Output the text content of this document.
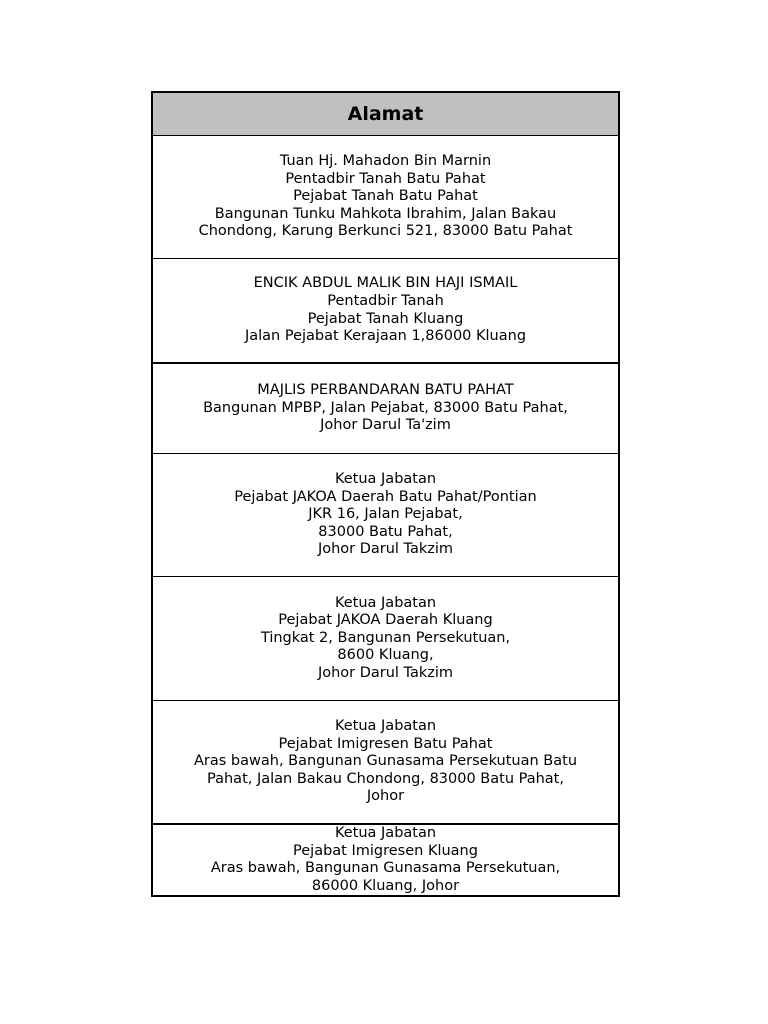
Alamat
Tuan Hj. Mahadon Bin Marnin
Pentadbir Tanah Batu Pahat
Pejabat Tanah Batu Pahat
Bangunan Tunku Mahkota Ibrahim, Jalan Bakau
Chondong, Karung Berkunci 521, 83000 Batu Pahat
ENCIK ABDUL MALIK BIN HAJI ISMAIL
Pentadbir Tanah
Pejabat Tanah Kluang
Jalan Pejabat Kerajaan 1,86000 Kluang
MAJLIS PERBANDARAN BATU PAHAT
Bangunan MPBP, Jalan Pejabat, 83000 Batu Pahat,
Johor Darul Ta'zim
Ketua Jabatan
Pejabat JAKOA Daerah Batu Pahat/Pontian
JKR 16, Jalan Pejabat,
83000 Batu Pahat,
Johor Darul Takzim
Ketua Jabatan
Pejabat JAKOA Daerah Kluang
Tingkat 2, Bangunan Persekutuan,
8600 Kluang,
Johor Darul Takzim
Ketua Jabatan
Pejabat Imigresen Batu Pahat
Aras bawah, Bangunan Gunasama Persekutuan Batu
Pahat, Jalan Bakau Chondong, 83000 Batu Pahat,
Johor
Ketua Jabatan
Pejabat Imigresen Kluang
Aras bawah, Bangunan Gunasama Persekutuan,
86000 Kluang, Johor
